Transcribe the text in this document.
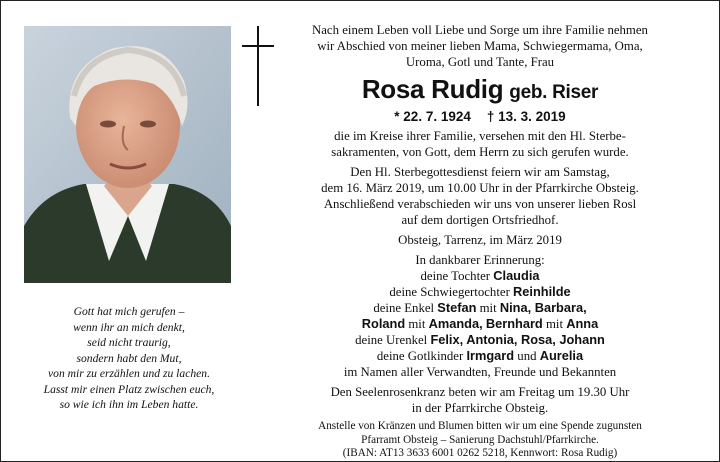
Gott hat mich gerufen –
wenn ihr an mich denkt,
seid nicht traurig,
sondern habt den Mut,
von mir zu erzählen und zu lachen.
Lasst mir einen Platz zwischen euch,
so wie ich ihn im Leben hatte.
Nach einem Leben voll Liebe und Sorge um ihre Familie nehmen
wir Abschied von meiner lieben Mama, Schwiegermama, Oma,
Uroma, Gotl und Tante, Frau
Rosa Rudig geb. Riser
* 22. 7. 1924 † 13. 3. 2019
die im Kreise ihrer Familie, versehen mit den Hl. Sterbe-
sakramenten, von Gott, dem Herrn zu sich gerufen wurde.
Den Hl. Sterbegottesdienst feiern wir am Samstag,
dem 16. März 2019, um 10.00 Uhr in der Pfarrkirche Obsteig.
Anschließend verabschieden wir uns von unserer lieben Rosl
auf dem dortigen Ortsfriedhof.
Obsteig, Tarrenz, im März 2019
In dankbarer Erinnerung:
deine Tochter Claudia
deine Schwiegertochter Reinhilde
deine Enkel Stefan mit Nina, Barbara,
Roland mit Amanda, Bernhard mit Anna
deine Urenkel Felix, Antonia, Rosa, Johann
deine Gotlkinder Irmgard und Aurelia
im Namen aller Verwandten, Freunde und Bekannten
Den Seelenrosenkranz beten wir am Freitag um 19.30 Uhr
in der Pfarrkirche Obsteig.
Anstelle von Kränzen und Blumen bitten wir um eine Spende zugunsten
Pfarramt Obsteig – Sanierung Dachstuhl/Pfarrkirche.
(IBAN: AT13 3633 6001 0262 5218, Kennwort: Rosa Rudig)
